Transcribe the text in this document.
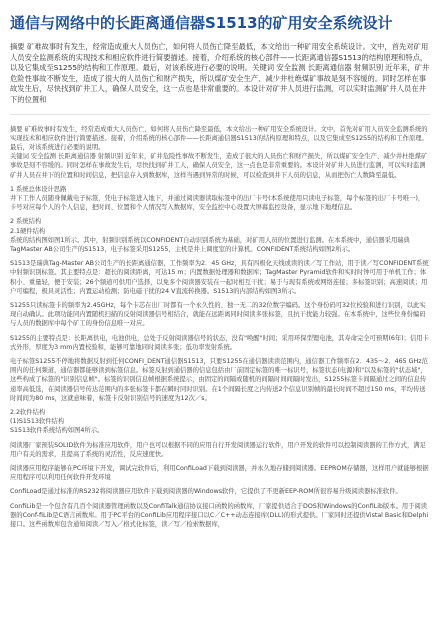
通信与网络中的长距离通信器S1513的矿用安全系统设计

摘要 矿难故事时有发生，经常造成重大人员伤亡，如何将人员伤亡降至最低，本文给出一种矿用安全系统设计。文中，首先对矿用人员安全监测系统的实现技术和相应软件进行简要描述。接着，介绍系统的核心部件——长距离通信器S1513的结构原理和特点，以及它集成至S1255的结构和工作原理。最后，对该系统进行必要的说明。关键词 安全监测 长距离通信器 射频识别 近年来，矿井危险性事故不断发生，造成了很大的人员伤亡和财产损失，所以煤矿安全生产、减少井杜绝煤矿事故是刻不容缓的。同时怎样在事故发生后，尽快找到矿井工人，确保人员安全，这一点也是非常重要的。本设计对矿井人员进行监测，可以实时监测矿井人员在井下的位置和

摘要 矿难故事时有发生，经常造成重大人员伤亡，如何将人员伤亡降至最低，本文给出一种矿用安全系统设计。文中，首先对矿用人员安全监测系统的实现技术和相应软件进行简要描述。接着，介绍系统的核心部件——长距离通信器S1513的结构原理和特点，以及它集成至S1255的结构和工作原理。最后，对该系统进行必要的说明。

关键词 安全监测 长距离通信器 射频识别 近年来，矿井危险性事故不断发生，造成了很大的人员伤亡和财产损失，所以煤矿安全生产、减少井杜绝煤矿事故是刻不容缓的。同时怎样在事故发生后，尽快找到矿井工人，确保人员安全，这一点也是非常重要的。本设计对矿井人员进行监测，可以实时监测矿井人员在井下的位置和时间信息，把信息存入到数据库，这样当遇到异常的时候，可以检查到井下人员的信息，从而把伤亡人数降至最低。

1 系统总体设计思路

井下工作人员随身佩戴电子标签，凭电子标签进入地下，并通过阅读器读取标签中的出厂卡号(本系统使用只读电子标签，每个标签的出厂卡号唯一)，卡号对应每个人的个人信息，把时间、位置和个人情况写入数据库，安全监控中心设置大屏幕监控设备，显示地下地理信息。

2 系统结构

2.1硬件结构

系统的结构图如图1所示。其中，射频识别系统以CONFIDENT自动识别系统为基础，对矿用人员的位置进行监测。在本系统中，通信器采用瑞典TagMaster AB公司生产的S1513，电子标签采用S1255，主机是井上调度室的计算机。CONFIDENT系统结构如图2所示。

S1513是瑞典Tag-Master AB公司生产的长距离通信器，工作频率为2．45 GHz，具有四极化天线或读的读／写工作站，用于读／写CONFIDENT系统中射频识别标签。其主要特点是：超长的阅读距离，可达15 m；内置数据处理器和数据库；TagMaster Pyramid软件和实时时钟可用于单机工作；体积小、重量轻，便于安装；26个频道可供用户选择，以免多个阅读器安装在一起时相互干扰；易于与现有系统或网络连接；多标签识别；高速阅读；用户可编程，极具灵活性；内置运动检测；防电磁干扰的24 V直流转换器。S1513的内部结构如图3所示。

S1255只读标签卡的频率为2.45GHz，每个卡芯在出厂时都有一个永久性的、独一无二的32位数字编码。这个身份码可32位校验和进行识别，以此实现自动确认。此项功能同内置随机扫描的反射阅读器信号相结合，就能在远距离同时阅读多张标签，且抗干扰能力较强。在本系统中，这些位身份编码与人员的数据库中每个矿工的身份信息唯一对应。

S1255的主要特点是：长距离供电，电池供电，总处于反射阅读器信号的状态，没有"唤醒"时间；采用环保型锂电池，其寿命完全可预期(6年)；信用卡式外形，厚度为3 mm内置校验和，能够可靠地同时阅读多张；低功率发射系统。

电子标签S1255不停地将数据反射到任何CONFI_DENT通信器S1513，只要S1255在通信器读读范围内，通信器工作频率在2．435～2．465 GHz范围内的任何频道，通信器都能够读到标签信息。标签反射到通信器的信息包括由厂前固定标签的唯一标识号，标签状态(电源)和"以及标签的"状态域"，这些构成了标签的"识别信息帧"。标签的识别信息帧根据系统提示，由固定的间隔或随机的间隔时间间隔时发出，S1255标签卡间隔通过之间的信息传递率高低选，在阅读器信号传达范围内的多张标签卡都在瞬时同时识别。在1个间隔长度之内传送2个信息识别帧的最长时间不超过150 ms，平均传送时间间为80 ms，这就意味着，标签卡反射识别信号的速度为12次／s。

2.2软件结构

(1)S1513软件结构

S1513软件系统结构如图4所示。

阅读器厂家预装SOLID软件为标准应用软件，用户也可以根据不同的应用自行开发阅读器运行软件，用户开发的软件可以控制阅读器的工作方式，满足用户有关的需求，且提高了系统的灵活性，反应速度快。

阅读器应用程序能够在PC环境下开发，调试完软件后，利用ConfiLoad下载到阅读器，并永久地存储到阅读器。EEPROM存储器，这样用户就能够根据应用程序可以利用任何软件开发环境

ConfiLoad是通过标准的RS232将阅读器应用软件下载到阅读器的Windows软件，它提供了不更新EEP-ROM所很容易升级阅读器标准软件。

ConfiLib是一个包含有几百个阅读器管理函数以及ConfiTalk通信协议接口函数的函数库，厂家提供适合于DOS和Windows的ConfiLib版本。用于阅读器的Conf-fiLib是C语言函数库。用于PC平台的ConfiLib应用程序接口以C／C++动态连接库(DLL)的形式提供。厂家同时还提供Vistal Basic和Delphi接口。这些函数库包含通知阅读／写入／格式化标签，读／写／检索数据库，
